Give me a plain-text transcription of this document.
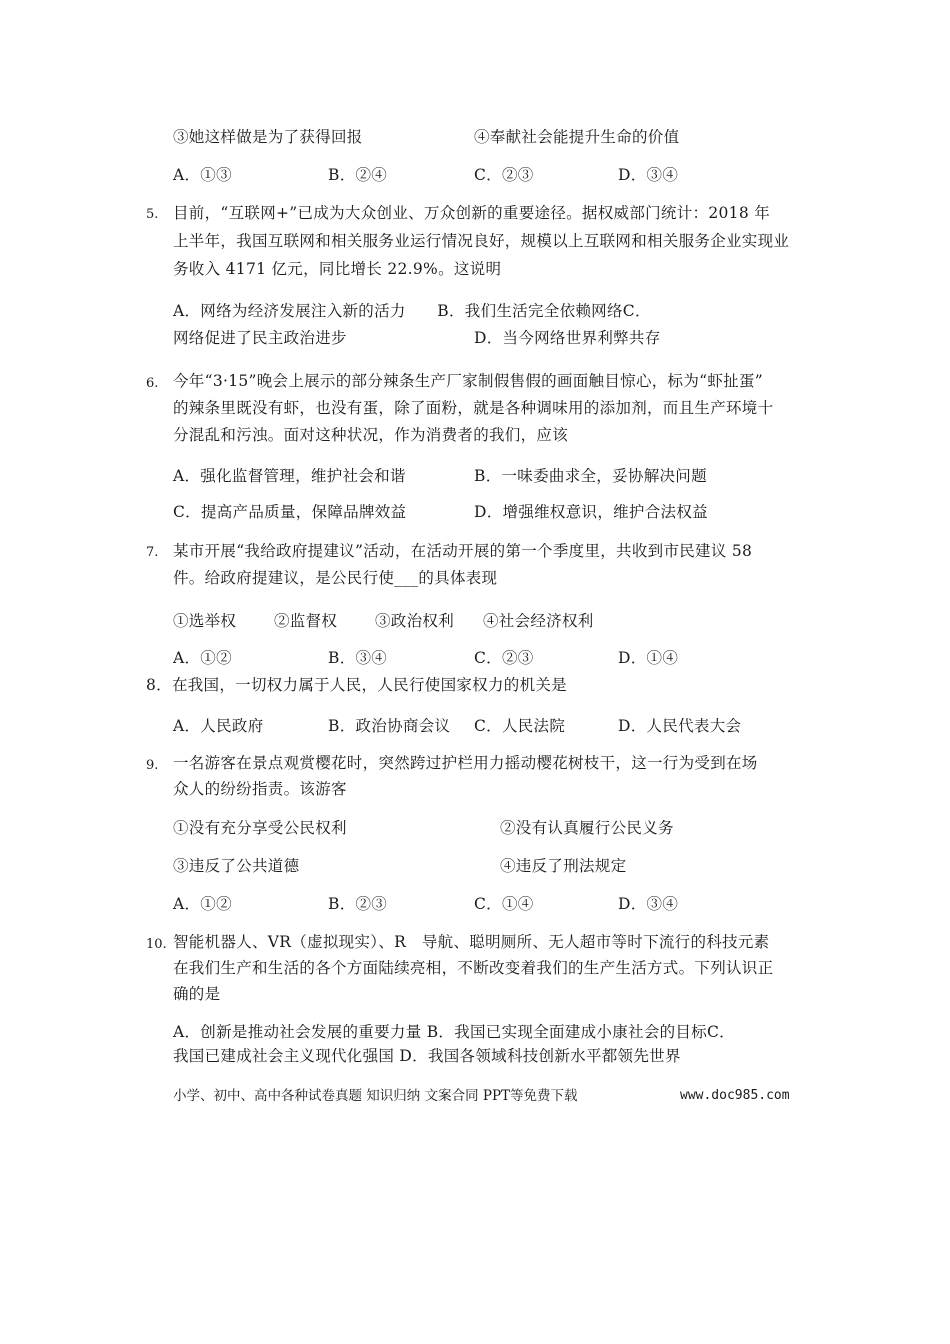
③她这样做是为了获得回报	④奉献社会能提升生命的价值
A．①③	B．②④	C．②③	D．③④
5. 目前，“互联网+”已成为大众创业、万众创新的重要途径。据权威部门统计：2018 年
上半年，我国互联网和相关服务业运行情况良好，规模以上互联网和相关服务企业实现业
务收入 4171 亿元，同比增长 22.9%。这说明
A．网络为经济发展注入新的活力　　B．我们生活完全依赖网络C．
网络促进了民主政治进步	D．当今网络世界利弊共存
6. 今年“3·15”晚会上展示的部分辣条生产厂家制假售假的画面触目惊心，标为“虾扯蛋”
的辣条里既没有虾，也没有蛋，除了面粉，就是各种调味用的添加剂，而且生产环境十
分混乱和污浊。面对这种状况，作为消费者的我们，应该
A．强化监督管理，维护社会和谐	B．一味委曲求全，妥协解决问题
C．提高产品质量，保障品牌效益	D．增强维权意识，维护合法权益
7. 某市开展“我给政府提建议”活动，在活动开展的第一个季度里，共收到市民建议 58
件。给政府提建议，是公民行使___的具体表现
①选举权 ②监督权 ③政治权利 ④社会经济权利
A．①②	B．③④	C．②③	D．①④
8．在我国，一切权力属于人民，人民行使国家权力的机关是
A．人民政府	B．政治协商会议 C．人民法院	D．人民代表大会
9. 一名游客在景点观赏樱花时，突然跨过护栏用力摇动樱花树枝干，这一行为受到在场
众人的纷纷指责。该游客
①没有充分享受公民权利	②没有认真履行公民义务
③违反了公共道德	④违反了刑法规定
A．①②	B．②③	C．①④	D．③④
10. 智能机器人、VR（虚拟现实）、R　导航、聪明厕所、无人超市等时下流行的科技元素
在我们生产和生活的各个方面陆续亮相，不断改变着我们的生产生活方式。下列认识正
确的是
A．创新是推动社会发展的重要力量 B．我国已实现全面建成小康社会的目标C．
我国已建成社会主义现代化强国 D．我国各领域科技创新水平都领先世界
小学、初中、高中各种试卷真题 知识归纳 文案合同 PPT等免费下载	www.doc985.com
